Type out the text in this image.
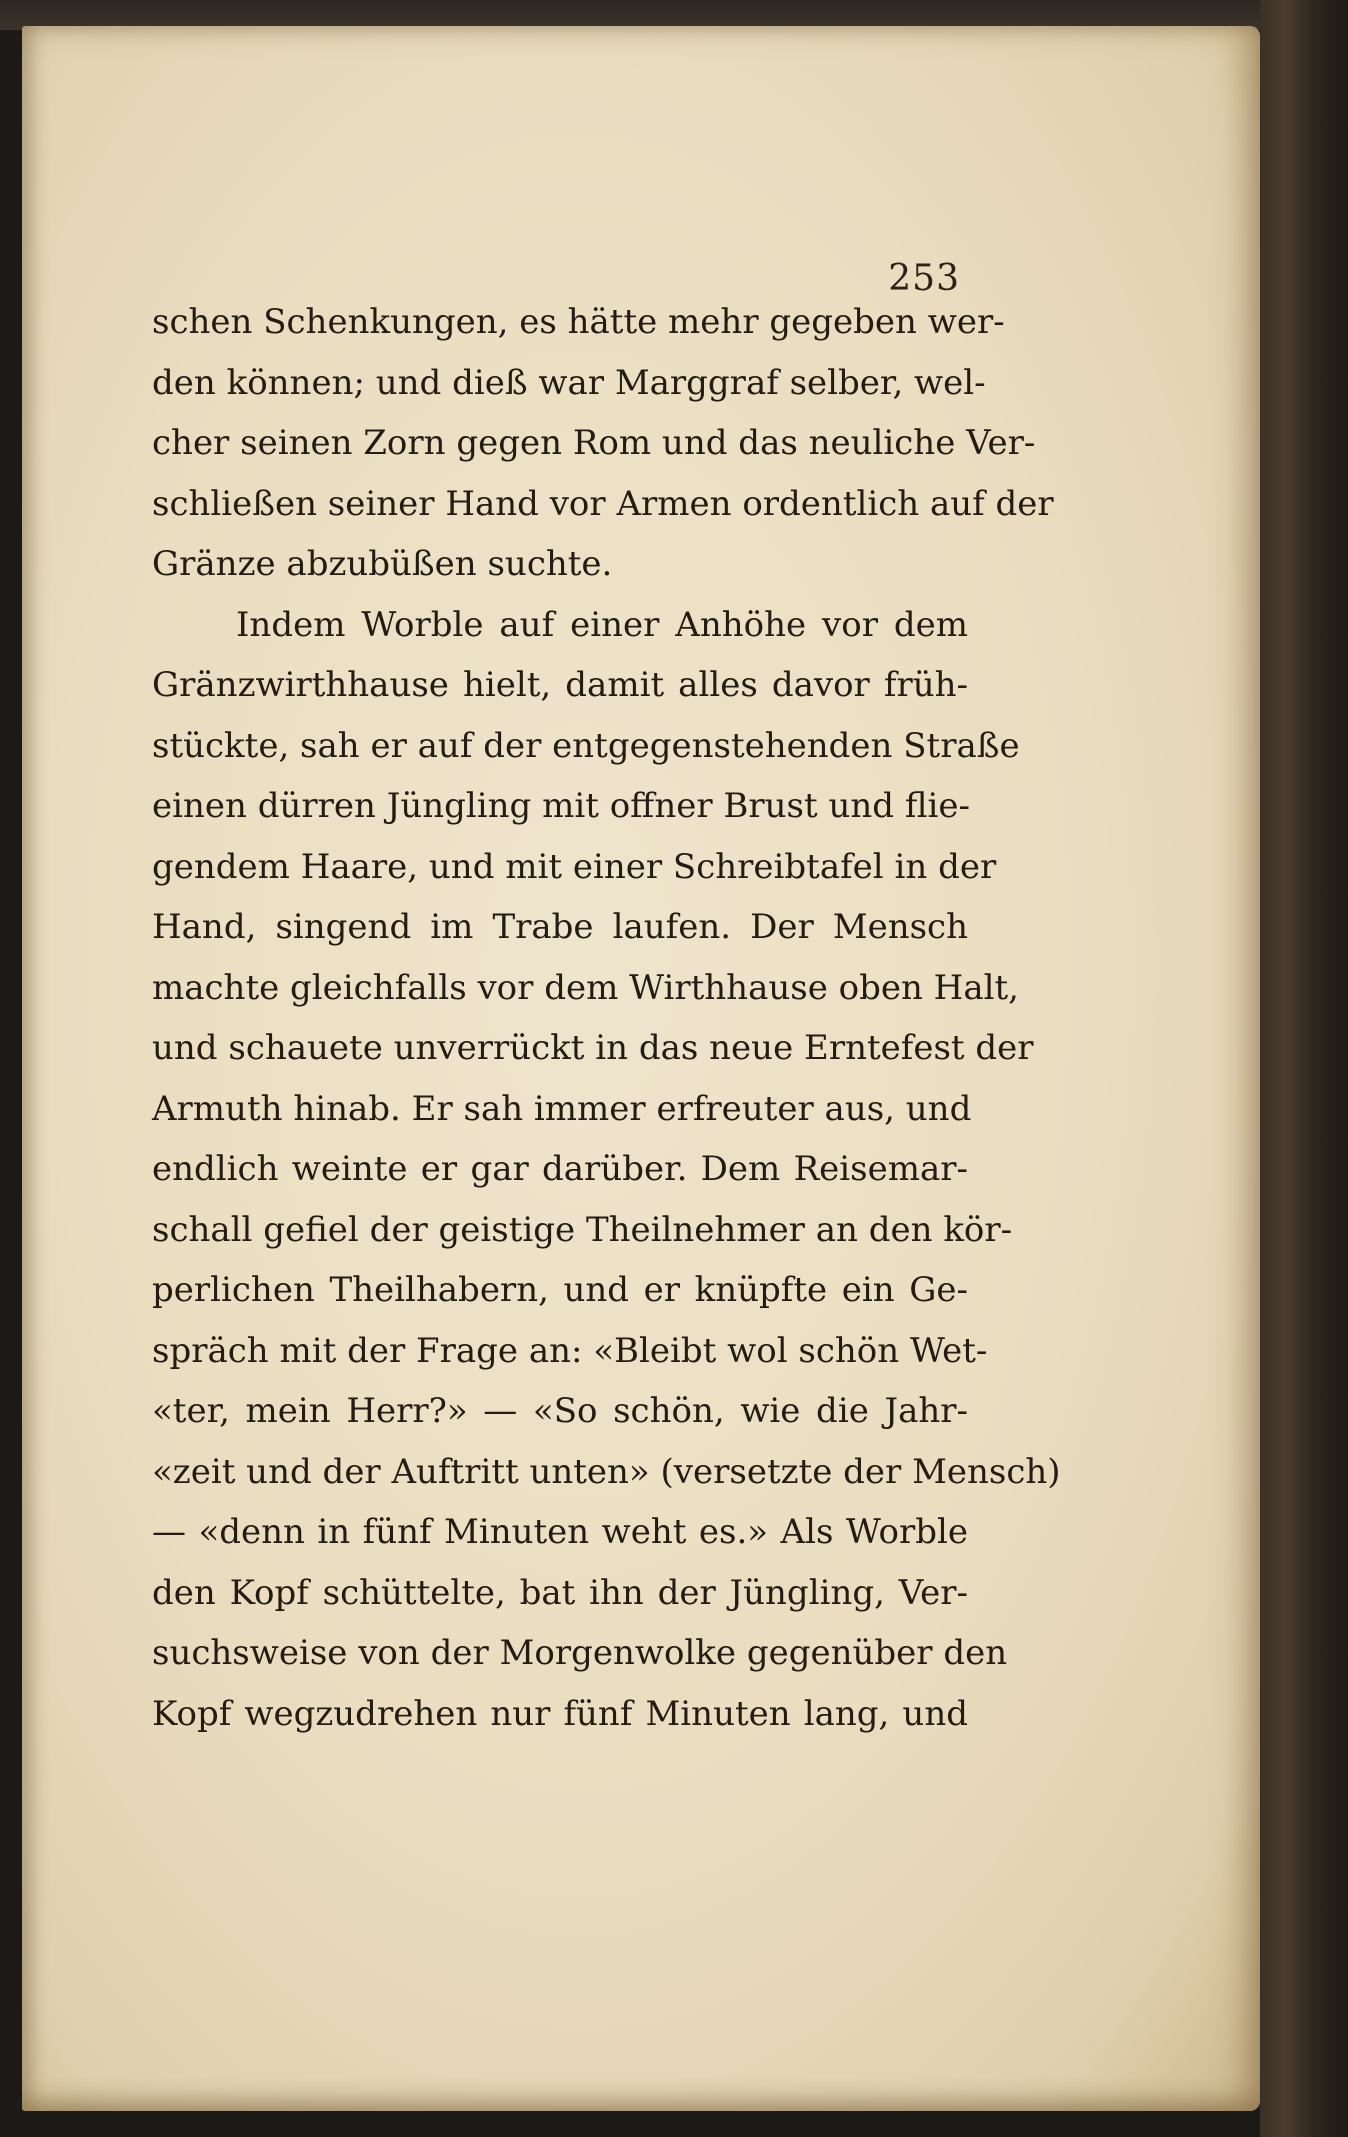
253
schen Schenkungen, es hätte mehr gegeben wer-
den können; und dieß war Marggraf selber, wel-
cher seinen Zorn gegen Rom und das neuliche Ver-
schließen seiner Hand vor Armen ordentlich auf der
Gränze abzubüßen suchte.
Indem Worble auf einer Anhöhe vor dem
Gränzwirthhause hielt, damit alles davor früh-
stückte, sah er auf der entgegenstehenden Straße
einen dürren Jüngling mit offner Brust und flie-
gendem Haare, und mit einer Schreibtafel in der
Hand, singend im Trabe laufen. Der Mensch
machte gleichfalls vor dem Wirthhause oben Halt,
und schauete unverrückt in das neue Erntefest der
Armuth hinab. Er sah immer erfreuter aus, und
endlich weinte er gar darüber. Dem Reisemar-
schall gefiel der geistige Theilnehmer an den kör-
perlichen Theilhabern, und er knüpfte ein Ge-
spräch mit der Frage an: «Bleibt wol schön Wet-
«ter, mein Herr?» — «So schön, wie die Jahr-
«zeit und der Auftritt unten» (versetzte der Mensch)
— «denn in fünf Minuten weht es.» Als Worble
den Kopf schüttelte, bat ihn der Jüngling, Ver-
suchsweise von der Morgenwolke gegenüber den
Kopf wegzudrehen nur fünf Minuten lang, und
